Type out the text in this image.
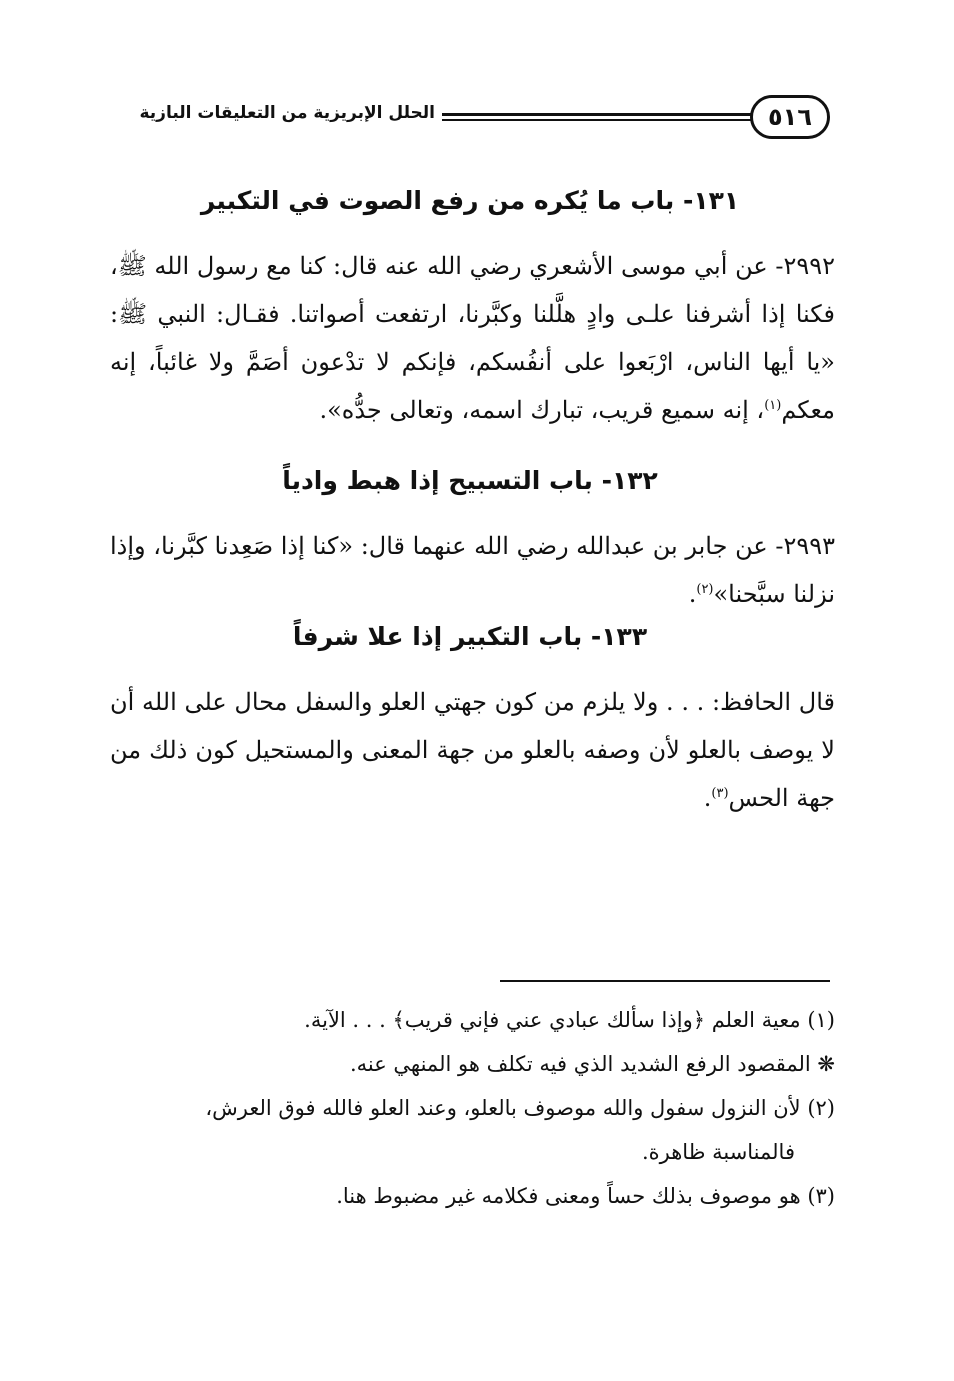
٥١٦
الحلل الإبريزية من التعليقات البازية
١٣١- باب ما يُكره من رفع الصوت في التكبير

٢٩٩٢- عن أبي موسى الأشعري رضي الله عنه قال: كنا مع رسول الله ﷺ، فكنا إذا أشرفنا علـى وادٍ هلَّلنا وكبَّرنا، ارتفعت أصواتنا. فقـال: النبي ﷺ: «يا أيها الناس، ارْبَعوا على أنفُسكم، فإنكم لا تدْعون أصَمَّ ولا غائباً، إنه معكم$^{(١)}$، إنه سميع قريب، تبارك اسمه، وتعالى جدُّه».

١٣٢- باب التسبيح إذا هبط وادياً

٢٩٩٣- عن جابر بن عبدالله رضي الله عنهما قال: «كنا إذا صَعِدنا كبَّرنا، وإذا نزلنا سبَّحنا»$^{(٢)}$.

١٣٣- باب التكبير إذا علا شرفاً

قال الحافظ: . . . ولا يلزم من كون جهتي العلو والسفل محال على الله أن لا يوصف بالعلو لأن وصفه بالعلو من جهة المعنى والمستحيل كون ذلك من جهة الحس$^{(٣)}$.

(١) معية العلم ﴿وإذا سألك عبادي عني فإني قريب﴾ . . . الآية.

❋ المقصود الرفع الشديد الذي فيه تكلف هو المنهي عنه.

(٢) لأن النزول سفول والله موصوف بالعلو، وعند العلو فالله فوق العرش،

فالمناسبة ظاهرة.

(٣) هو موصوف بذلك حساً ومعنى فكلامه غير مضبوط هنا.
